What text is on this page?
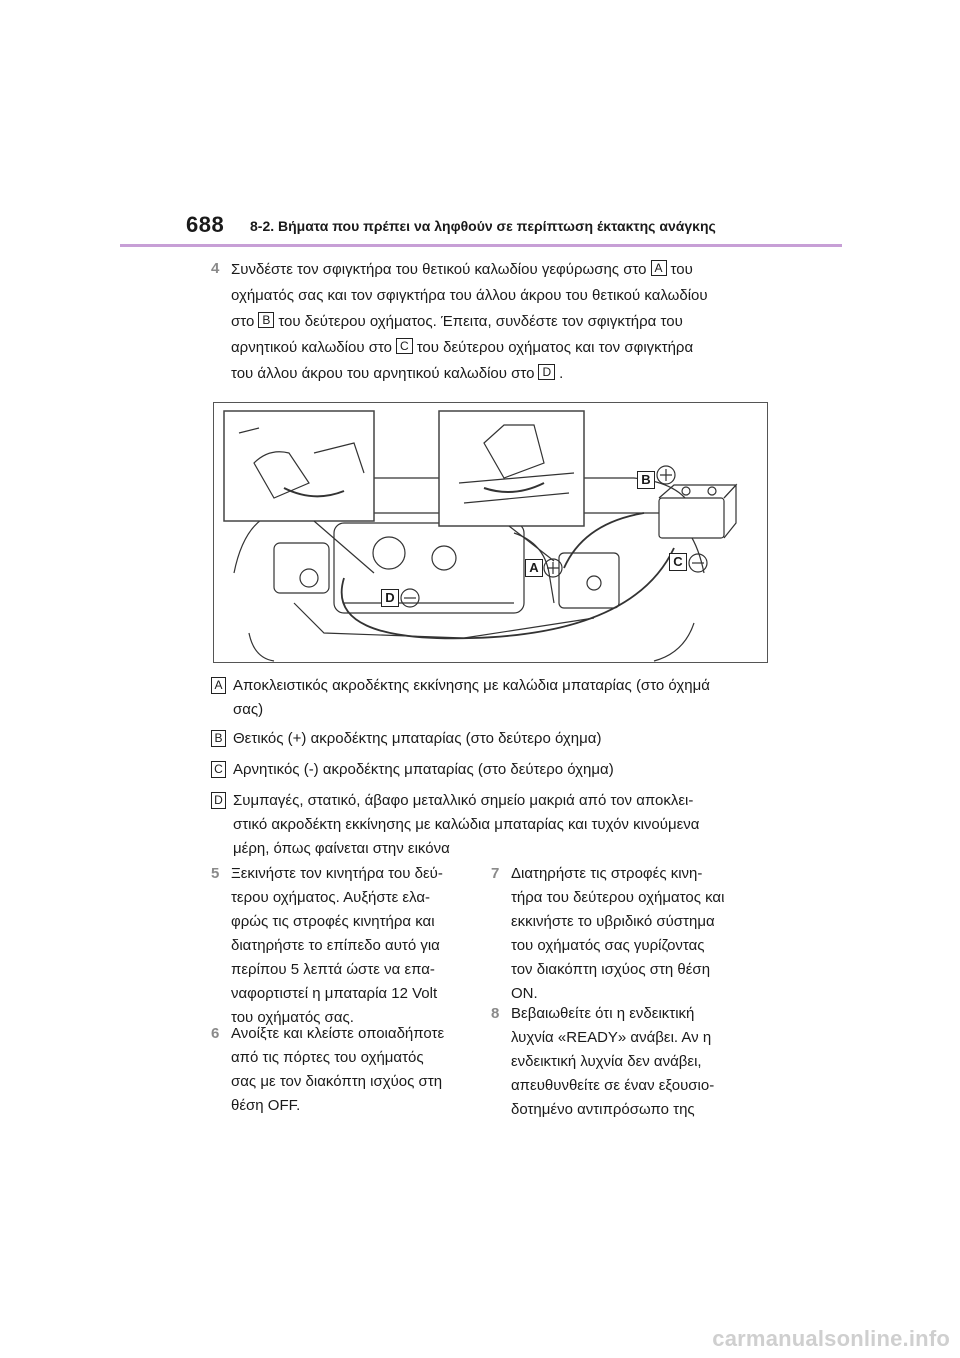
688 8-2. Βήματα που πρέπει να ληφθούν σε περίπτωση έκτακτης ανάγκης
4 Συνδέστε τον σφιγκτήρα του θετικού καλωδίου γεφύρωσης στο A του
οχήματός σας και τον σφιγκτήρα του άλλου άκρου του θετικού καλωδίου
στο B του δεύτερου οχήματος. Έπειτα, συνδέστε τον σφιγκτήρα του
αρνητικού καλωδίου στο C του δεύτερου οχήματος και τον σφιγκτήρα
του άλλου άκρου του αρνητικού καλωδίου στο D .
B
C
A
D
A Αποκλειστικός ακροδέκτης εκκίνησης με καλώδια μπαταρίας (στο όχημά
σας)
B Θετικός (+) ακροδέκτης μπαταρίας (στο δεύτερο όχημα)
C Αρνητικός (-) ακροδέκτης μπαταρίας (στο δεύτερο όχημα)
D Συμπαγές, στατικό, άβαφο μεταλλικό σημείο μακριά από τον αποκλει-
στικό ακροδέκτη εκκίνησης με καλώδια μπαταρίας και τυχόν κινούμενα
μέρη, όπως φαίνεται στην εικόνα
5 Ξεκινήστε τον κινητήρα του δεύ-
τερου οχήματος. Αυξήστε ελα-
φρώς τις στροφές κινητήρα και
διατηρήστε το επίπεδο αυτό για
περίπου 5 λεπτά ώστε να επα-
ναφορτιστεί η μπαταρία 12 Volt
του οχήματός σας.
6 Ανοίξτε και κλείστε οποιαδήποτε
από τις πόρτες του οχήματός
σας με τον διακόπτη ισχύος στη
θέση OFF.
7 Διατηρήστε τις στροφές κινη-
τήρα του δεύτερου οχήματος και
εκκινήστε το υβριδικό σύστημα
του οχήματός σας γυρίζοντας
τον διακόπτη ισχύος στη θέση
ON.
8 Βεβαιωθείτε ότι η ενδεικτική
λυχνία «READY» ανάβει. Αν η
ενδεικτική λυχνία δεν ανάβει,
απευθυνθείτε σε έναν εξουσιο-
δοτημένο αντιπρόσωπο της
carmanualsonline.info
